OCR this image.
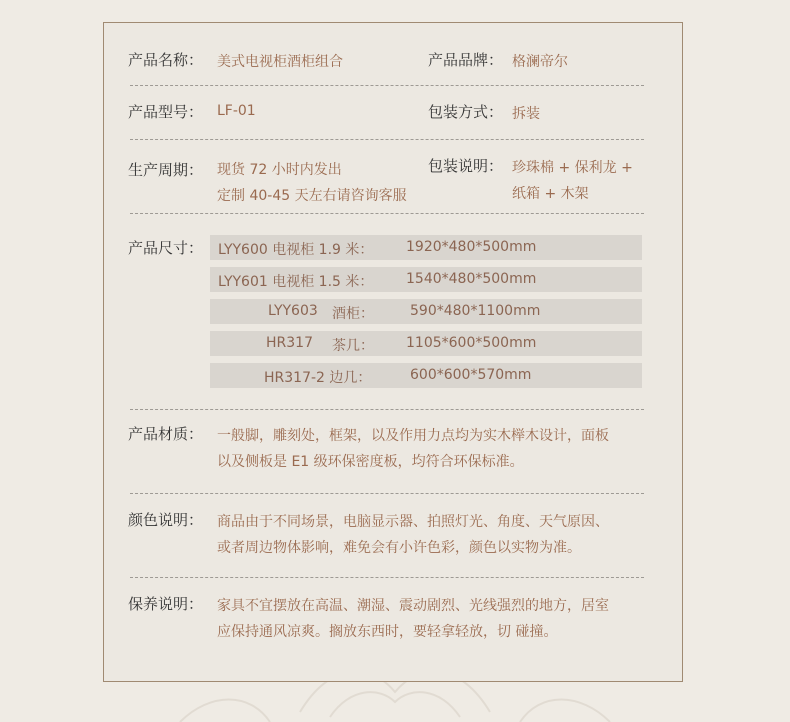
产品名称： 美式电视柜酒柜组合	产品品牌： 格澜帝尔
产品型号： LF-01	包装方式： 拆装
生产周期： 现货 72 小时内发出
定制 40-45 天左右请咨询客服
包装说明： 珍珠棉 + 保利龙 +
纸箱 + 木架
产品尺寸： LYY600 电视柜 1.9 米： 1920*480*500mm
LYY601 电视柜 1.5 米： 1540*480*500mm
LYY603 酒柜：	590*480*1100mm
HR317 茶几： 1105*600*500mm
HR317-2 边几：	600*600*570mm
产品材质： 一般脚，雕刻处，框架，以及作用力点均为实木榉木设计，面板
以及侧板是 E1 级环保密度板，均符合环保标准。
颜色说明： 商品由于不同场景，电脑显示器、拍照灯光、角度、天气原因、
或者周边物体影响，难免会有小许色彩，颜色以实物为准。
保养说明： 家具不宜摆放在高温、潮湿、震动剧烈、光线强烈的地方，居室
应保持通风凉爽。搁放东西时，要轻拿轻放，切 碰撞。
